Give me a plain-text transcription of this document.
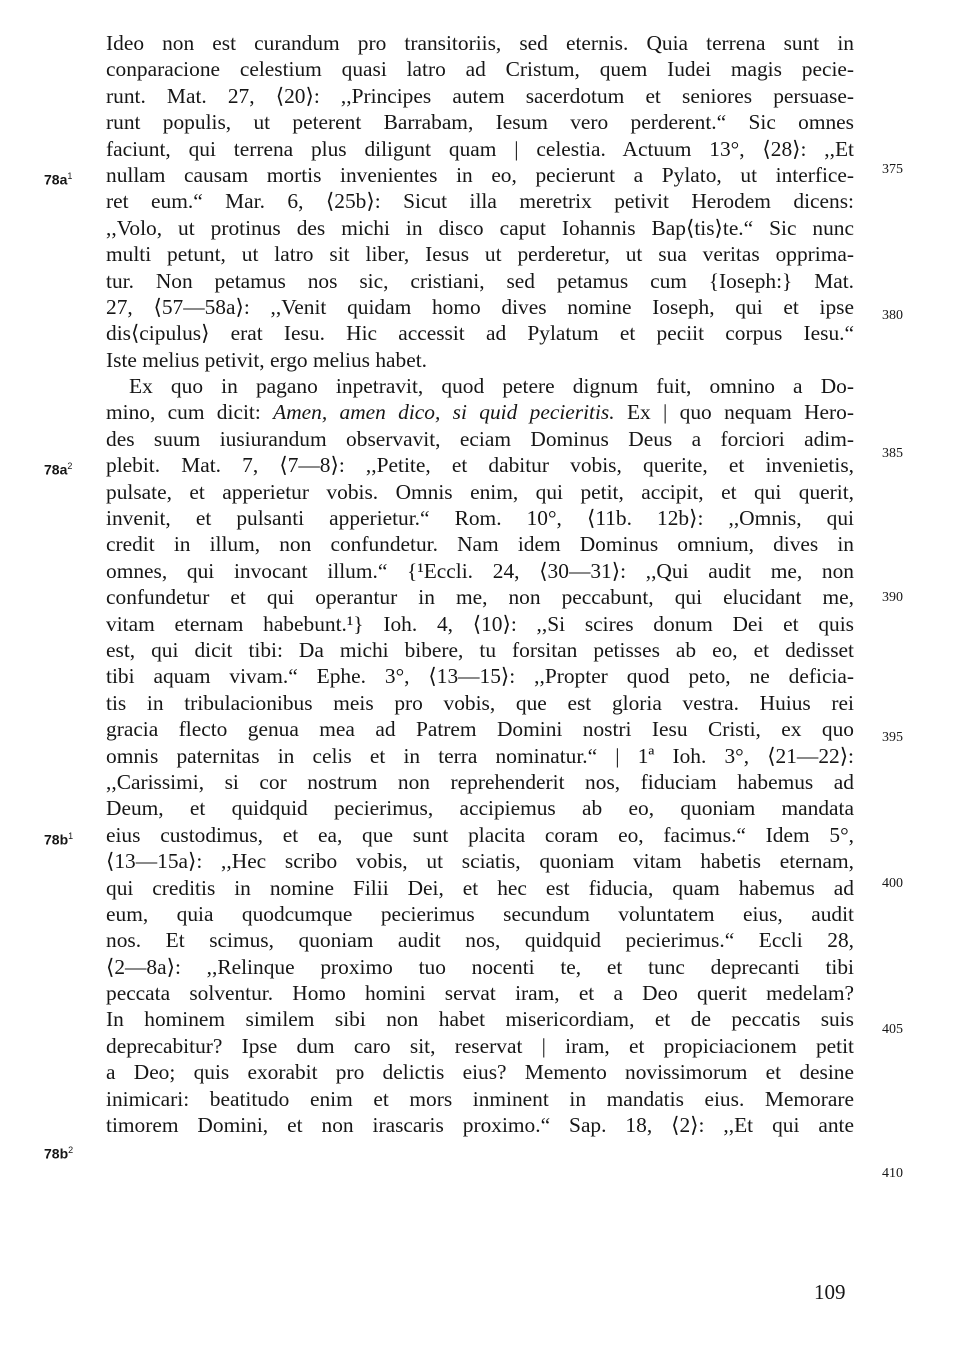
Ideo non est curandum pro transitoriis, sed eternis. Quia terrena sunt in
conparacione celestium quasi latro ad Cristum, quem Iudei magis pecie-
runt. Mat. 27, ⟨20⟩: ,,Principes autem sacerdotum et seniores persuase-
runt populis, ut peterent Barrabam, Iesum vero perderent.“ Sic omnes
faciunt, qui terrena plus diligunt quam | celestia. Actuum 13°, ⟨28⟩: ,,Et
nullam causam mortis invenientes in eo, pecierunt a Pylato, ut interfice-
ret eum.“ Mar. 6, ⟨25b⟩: Sicut illa meretrix petivit Herodem dicens:
,,Volo, ut protinus des michi in disco caput Iohannis Bap⟨tis⟩te.“ Sic nunc
multi petunt, ut latro sit liber, Iesus ut perderetur, ut sua veritas opprima-
tur. Non petamus nos sic, cristiani, sed petamus cum {Ioseph:} Mat.
27, ⟨57—58a⟩: ,,Venit quidam homo dives nomine Ioseph, qui et ipse
dis⟨cipulus⟩ erat Iesu. Hic accessit ad Pylatum et peciit corpus Iesu.“
Iste melius petivit, ergo melius habet.
Ex quo in pagano inpetravit, quod petere dignum fuit, omnino a Do-
mino, cum dicit: Amen, amen dico, si quid pecieritis. Ex | quo nequam Hero-
des suum iusiurandum observavit, eciam Dominus Deus a forciori adim-
plebit. Mat. 7, ⟨7—8⟩: ,,Petite, et dabitur vobis, querite, et invenietis,
pulsate, et apperietur vobis. Omnis enim, qui petit, accipit, et qui querit,
invenit, et pulsanti apperietur.“ Rom. 10°, ⟨11b. 12b⟩: ,,Omnis, qui
credit in illum, non confundetur. Nam idem Dominus omnium, dives in
omnes, qui invocant illum.“ {¹Eccli. 24, ⟨30—31⟩: ,,Qui audit me, non
confundetur et qui operantur in me, non peccabunt, qui elucidant me,
vitam eternam habebunt.¹} Ioh. 4, ⟨10⟩: ,,Si scires donum Dei et quis
est, qui dicit tibi: Da michi bibere, tu forsitan petisses ab eo, et dedisset
tibi aquam vivam.“ Ephe. 3°, ⟨13—15⟩: ,,Propter quod peto, ne deficia-
tis in tribulacionibus meis pro vobis, que est gloria vestra. Huius rei
gracia flecto genua mea ad Patrem Domini nostri Iesu Cristi, ex quo
omnis paternitas in celis et in terra nominatur.“ | 1ª Ioh. 3°, ⟨21—22⟩:
,,Carissimi, si cor nostrum non reprehenderit nos, fiduciam habemus ad
Deum, et quidquid pecierimus, accipiemus ab eo, quoniam mandata
eius custodimus, et ea, que sunt placita coram eo, facimus.“ Idem 5°,
⟨13—15a⟩: ,,Hec scribo vobis, ut sciatis, quoniam vitam habetis eternam,
qui creditis in nomine Filii Dei, et hec est fiducia, quam habemus ad
eum, quia quodcumque pecierimus secundum voluntatem eius, audit
nos. Et scimus, quoniam audit nos, quidquid pecierimus.“ Eccli 28,
⟨2—8a⟩: ,,Relinque proximo tuo nocenti te, et tunc deprecanti tibi
peccata solventur. Homo homini servat iram, et a Deo querit medelam?
In hominem similem sibi non habet misericordiam, et de peccatis suis
deprecabitur? Ipse dum caro sit, reservat | iram, et propiciacionem petit
a Deo; quis exorabit pro delictis eius? Memento novissimorum et desine
inimicari: beatitudo enim et mors inminent in mandatis eius. Memorare
timorem Domini, et non irascaris proximo.“ Sap. 18, ⟨2⟩: ,,Et qui ante
$78a^1$
$78a^2$
$78b^1$
$78b^2$
375
380
385
390
395
400
405
410
109
